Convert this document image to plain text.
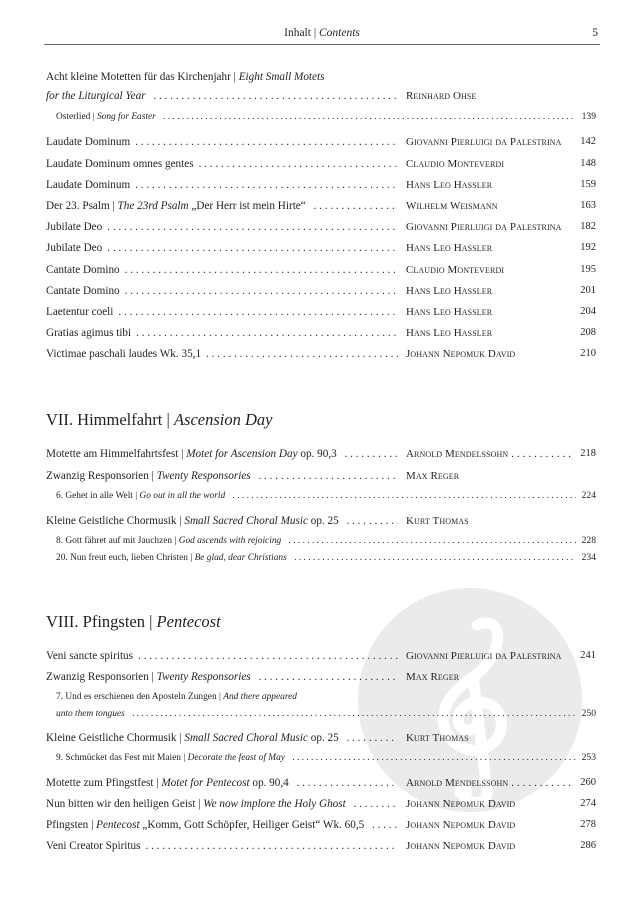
Inhalt | Contents	5
Acht kleine Motetten für das Kirchenjahr | Eight Small Motets
for the Liturgical Year . . .	Reinhard Ohse
Osterlied | Song for Easter . . .	139
Laudate Dominum . . .	Giovanni Pierluigi da Palestrina	142
Laudate Dominum omnes gentes . . .	Claudio Monteverdi	148
Laudate Dominum . . .	Hans Leo Hassler	159
Der 23. Psalm | The 23rd Psalm „Der Herr ist mein Hirte“ . . .	Wilhelm Weismann	163
Jubilate Deo . . .	Giovanni Pierluigi da Palestrina	182
Jubilate Deo . . .	Hans Leo Hassler	192
Cantate Domino . . .	Claudio Monteverdi	195
Cantate Domino . . .	Hans Leo Hassler	201
Laetentur coeli . . .	Hans Leo Hassler	204
Gratias agimus tibi . . .	Hans Leo Hassler	208
Victimae paschali laudes Wk. 35,1 . . .	Johann Nepomuk David	210
VII. Himmelfahrt | Ascension Day
Motette am Himmelfahrtsfest | Motet for Ascension Day op. 90,3 . . .	Arnold Mendelssohn . . .	218
Zwanzig Responsorien | Twenty Responsories . . .	Max Reger
6. Gehet in alle Welt | Go out in all the world . . .	224
Kleine Geistliche Chormusik | Small Sacred Choral Music op. 25 . . .	Kurt Thomas
8. Gott fähret auf mit Jauchzen | God ascends with rejoicing . . .	228
20. Nun freut euch, lieben Christen | Be glad, dear Christians . . .	234
VIII. Pfingsten | Pentecost
Veni sancte spiritus . . .	Giovanni Pierluigi da Palestrina	241
Zwanzig Responsorien | Twenty Responsories . . .	Max Reger
7. Und es erschienen den Aposteln Zungen | And there appeared
unto them tongues . . .	250
Kleine Geistliche Chormusik | Small Sacred Choral Music op. 25 . . .	Kurt Thomas
9. Schmücket das Fest mit Maien | Decorate the feast of May . . .	253
Motette zum Pfingstfest | Motet for Pentecost op. 90,4 . . .	Arnold Mendelssohn . . .	260
Nun bitten wir den heiligen Geist | We now implore the Holy Ghost . . .	Johann Nepomuk David	274
Pfingsten | Pentecost „Komm, Gott Schöpfer, Heiliger Geist“ Wk. 60,5 . . .	Johann Nepomuk David	278
Veni Creator Spiritus . . .	Johann Nepomuk David	286
